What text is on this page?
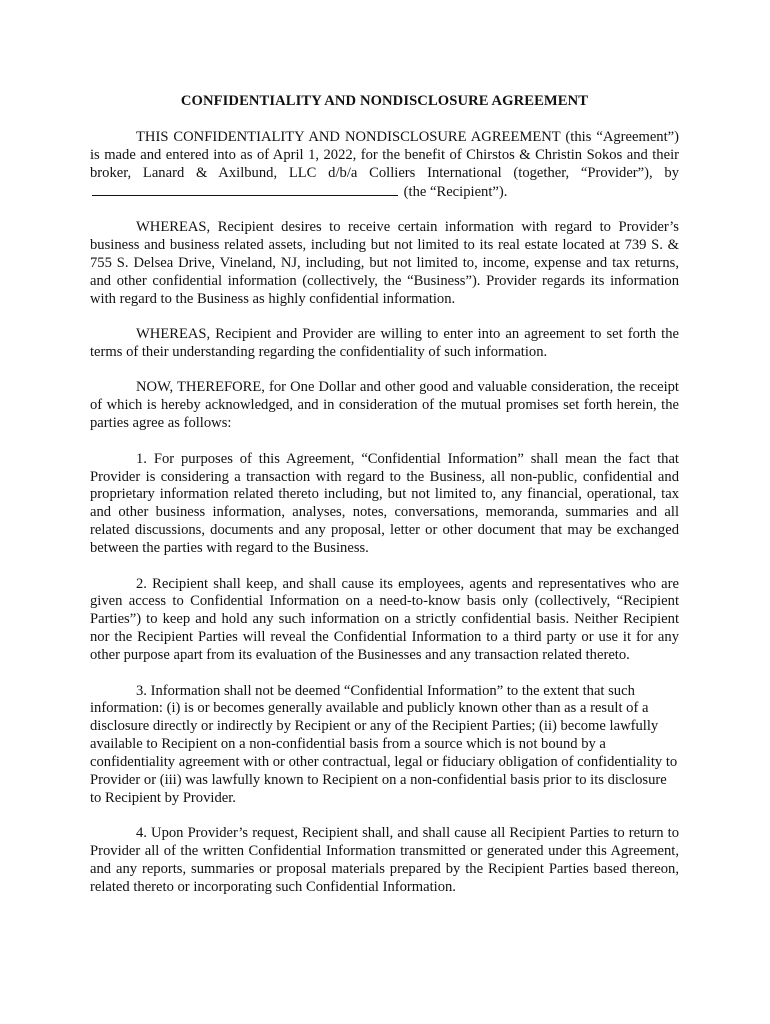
CONFIDENTIALITY AND NONDISCLOSURE AGREEMENT

THIS CONFIDENTIALITY AND NONDISCLOSURE AGREEMENT (this “Agreement”) is made and entered into as of April 1, 2022, for the benefit of Chirstos & Christin Sokos and their broker, Lanard & Axilbund, LLC d/b/a Colliers International (together, “Provider”), by  (the “Recipient”).

WHEREAS, Recipient desires to receive certain information with regard to Provider’s business and business related assets, including but not limited to its real estate located at 739 S. & 755 S. Delsea Drive, Vineland, NJ, including, but not limited to, income, expense and tax returns, and other confidential information (collectively, the “Business”). Provider regards its information with regard to the Business as highly confidential information.

WHEREAS, Recipient and Provider are willing to enter into an agreement to set forth the terms of their understanding regarding the confidentiality of such information.

NOW, THEREFORE, for One Dollar and other good and valuable consideration, the receipt of which is hereby acknowledged, and in consideration of the mutual promises set forth herein, the parties agree as follows:

1. For purposes of this Agreement, “Confidential Information” shall mean the fact that Provider is considering a transaction with regard to the Business, all non-public, confidential and proprietary information related thereto including, but not limited to, any financial, operational, tax and other business information, analyses, notes, conversations, memoranda, summaries and all related discussions, documents and any proposal, letter or other document that may be exchanged between the parties with regard to the Business.

2. Recipient shall keep, and shall cause its employees, agents and representatives who are given access to Confidential Information on a need-to-know basis only (collectively, “Recipient Parties”) to keep and hold any such information on a strictly confidential basis. Neither Recipient nor the Recipient Parties will reveal the Confidential Information to a third party or use it for any other purpose apart from its evaluation of the Businesses and any transaction related thereto.

3. Information shall not be deemed “Confidential Information” to the extent that such information: (i) is or becomes generally available and publicly known other than as a result of a disclosure directly or indirectly by Recipient or any of the Recipient Parties; (ii) become lawfully available to Recipient on a non-confidential basis from a source which is not bound by a confidentiality agreement with or other contractual, legal or fiduciary obligation of confidentiality to Provider or (iii) was lawfully known to Recipient on a non-confidential basis prior to its disclosure to Recipient by Provider.

4. Upon Provider’s request, Recipient shall, and shall cause all Recipient Parties to return to Provider all of the written Confidential Information transmitted or generated under this Agreement, and any reports, summaries or proposal materials prepared by the Recipient Parties based thereon, related thereto or incorporating such Confidential Information.
